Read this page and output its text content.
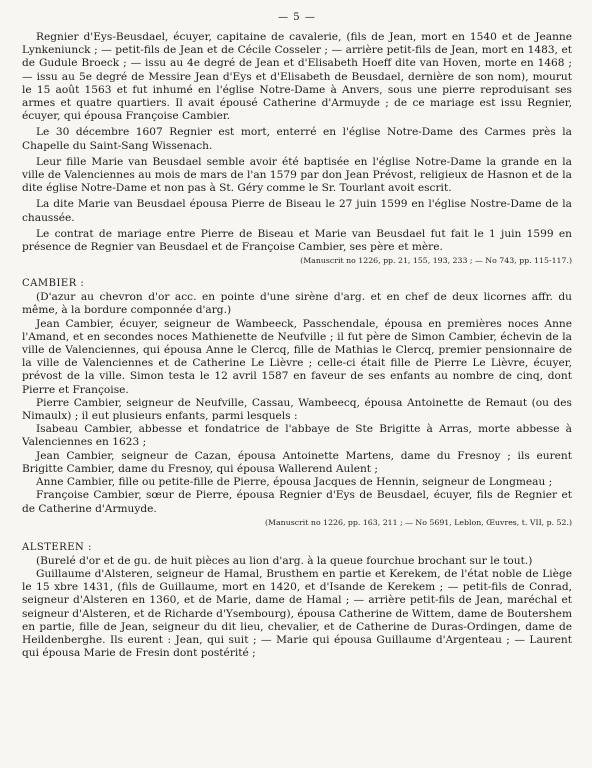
— 5 —

Regnier d'Eys-Beusdael, écuyer, capitaine de cavalerie, (fils de Jean, mort en 1540 et de Jeanne Lynkeniunck ; — petit-fils de Jean et de Cécile Cosseler ; — arrière petit-fils de Jean, mort en 1483, et de Gudule Broeck ; — issu au 4e degré de Jean et d'Elisabeth Hoeff dite van Hoven, morte en 1468 ; — issu au 5e degré de Messire Jean d'Eys et d'Elisabeth de Beusdael, dernière de son nom), mourut le 15 août 1563 et fut inhumé en l'église Notre-Dame à Anvers, sous une pierre reproduisant ses armes et quatre quartiers. Il avait épousé Catherine d'Armuyde ; de ce mariage est issu Regnier, écuyer, qui épousa Françoise Cambier.

Le 30 décembre 1607 Regnier est mort, enterré en l'église Notre-Dame des Carmes près la Chapelle du Saint-Sang Wissenach.

Leur fille Marie van Beusdael semble avoir été baptisée en l'église Notre-Dame la grande en la ville de Valenciennes au mois de mars de l'an 1579 par don Jean Prévost, religieux de Hasnon et de la dite église Notre-Dame et non pas à St. Géry comme le Sr. Tourlant avoit escrit.

La dite Marie van Beusdael épousa Pierre de Biseau le 27 juin 1599 en l'église Nostre-Dame de la chaussée.

Le contrat de mariage entre Pierre de Biseau et Marie van Beusdael fut fait le 1 juin 1599 en présence de Regnier van Beusdael et de Françoise Cambier, ses père et mère.

(Manuscrit no 1226, pp. 21, 155, 193, 233 ; — No 743, pp. 115-117.)

CAMBIER :

(D'azur au chevron d'or acc. en pointe d'une sirène d'arg. et en chef de deux licornes affr. du même, à la bordure componnée d'arg.)

Jean Cambier, écuyer, seigneur de Wambeeck, Passchendale, épousa en premières noces Anne l'Amand, et en secondes noces Mathienette de Neufville ; il fut père de Simon Cambier, échevin de la ville de Valenciennes, qui épousa Anne le Clercq, fille de Mathias le Clercq, premier pensionnaire de la ville de Valenciennes et de Catherine Le Lièvre ; celle-ci était fille de Pierre Le Lièvre, écuyer, prévost de la ville. Simon testa le 12 avril 1587 en faveur de ses enfants au nombre de cinq, dont Pierre et Françoise.

Pierre Cambier, seigneur de Neufville, Cassau, Wambeecq, épousa Antoinette de Remaut (ou des Nimaulx) ; il eut plusieurs enfants, parmi lesquels :

Isabeau Cambier, abbesse et fondatrice de l'abbaye de Ste Brigitte à Arras, morte abbesse à Valenciennes en 1623 ;

Jean Cambier, seigneur de Cazan, épousa Antoinette Martens, dame du Fresnoy ; ils eurent Brigitte Cambier, dame du Fresnoy, qui épousa Wallerend Aulent ;

Anne Cambier, fille ou petite-fille de Pierre, épousa Jacques de Hennin, seigneur de Longmeau ;

Françoise Cambier, sœur de Pierre, épousa Regnier d'Eys de Beusdael, écuyer, fils de Regnier et de Catherine d'Armuyde.

(Manuscrit no 1226, pp. 163, 211 ; — No 5691, Leblon, Œuvres, t. VII, p. 52.)

ALSTEREN :

(Burelé d'or et de gu. de huit pièces au lion d'arg. à la queue fourchue brochant sur le tout.)

Guillaume d'Alsteren, seigneur de Hamal, Brusthem en partie et Kerekem, de l'état noble de Liège le 15 xbre 1431, (fils de Guillaume, mort en 1420, et d'Isande de Kerekem ; — petit-fils de Conrad, seigneur d'Alsteren en 1360, et de Marie, dame de Hamal ; — arrière petit-fils de Jean, maréchal et seigneur d'Alsteren, et de Richarde d'Ysembourg), épousa Catherine de Wittem, dame de Boutershem en partie, fille de Jean, seigneur du dit lieu, chevalier, et de Catherine de Duras-Ordingen, dame de Heildenberghe. Ils eurent : Jean, qui suit ; — Marie qui épousa Guillaume d'Argenteau ; — Laurent qui épousa Marie de Fresin dont postérité ;
